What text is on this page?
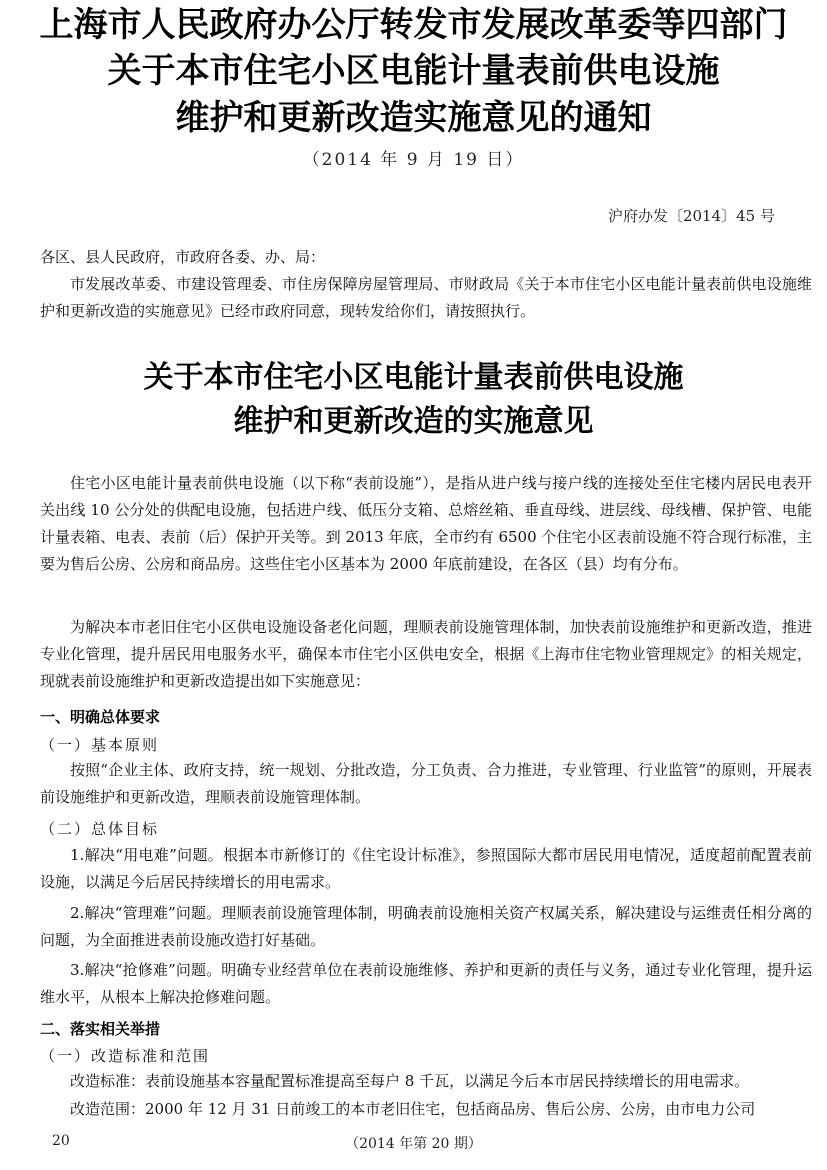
上海市人民政府办公厅转发市发展改革委等四部门
关于本市住宅小区电能计量表前供电设施
维护和更新改造实施意见的通知
（2014 年 9 月 19 日）
沪府办发〔2014〕45 号
各区、县人民政府，市政府各委、办、局：
市发展改革委、市建设管理委、市住房保障房屋管理局、市财政局《关于本市住宅小区电能计量表前供电设施维护和更新改造的实施意见》已经市政府同意，现转发给你们，请按照执行。
关于本市住宅小区电能计量表前供电设施
维护和更新改造的实施意见
住宅小区电能计量表前供电设施（以下称“表前设施”），是指从进户线与接户线的连接处至住宅楼内居民电表开关出线 10 公分处的供配电设施，包括进户线、低压分支箱、总熔丝箱、垂直母线、进层线、母线槽、保护管、电能计量表箱、电表、表前（后）保护开关等。到 2013 年底，全市约有 6500 个住宅小区表前设施不符合现行标准，主要为售后公房、公房和商品房。这些住宅小区基本为 2000 年底前建设，在各区（县）均有分布。
为解决本市老旧住宅小区供电设施设备老化问题，理顺表前设施管理体制，加快表前设施维护和更新改造，推进专业化管理，提升居民用电服务水平，确保本市住宅小区供电安全，根据《上海市住宅物业管理规定》的相关规定，现就表前设施维护和更新改造提出如下实施意见：
一、明确总体要求
（一）基本原则
按照“企业主体、政府支持，统一规划、分批改造，分工负责、合力推进，专业管理、行业监管”的原则，开展表前设施维护和更新改造，理顺表前设施管理体制。
（二）总体目标
1.解决“用电难”问题。根据本市新修订的《住宅设计标准》，参照国际大都市居民用电情况，适度超前配置表前设施，以满足今后居民持续增长的用电需求。
2.解决“管理难”问题。理顺表前设施管理体制，明确表前设施相关资产权属关系，解决建设与运维责任相分离的问题，为全面推进表前设施改造打好基础。
3.解决“抢修难”问题。明确专业经营单位在表前设施维修、养护和更新的责任与义务，通过专业化管理，提升运维水平，从根本上解决抢修难问题。
二、落实相关举措
（一）改造标准和范围
改造标准：表前设施基本容量配置标准提高至每户 8 千瓦，以满足今后本市居民持续增长的用电需求。
改造范围：2000 年 12 月 31 日前竣工的本市老旧住宅，包括商品房、售后公房、公房，由市电力公司
20	（2014 年第 20 期）
